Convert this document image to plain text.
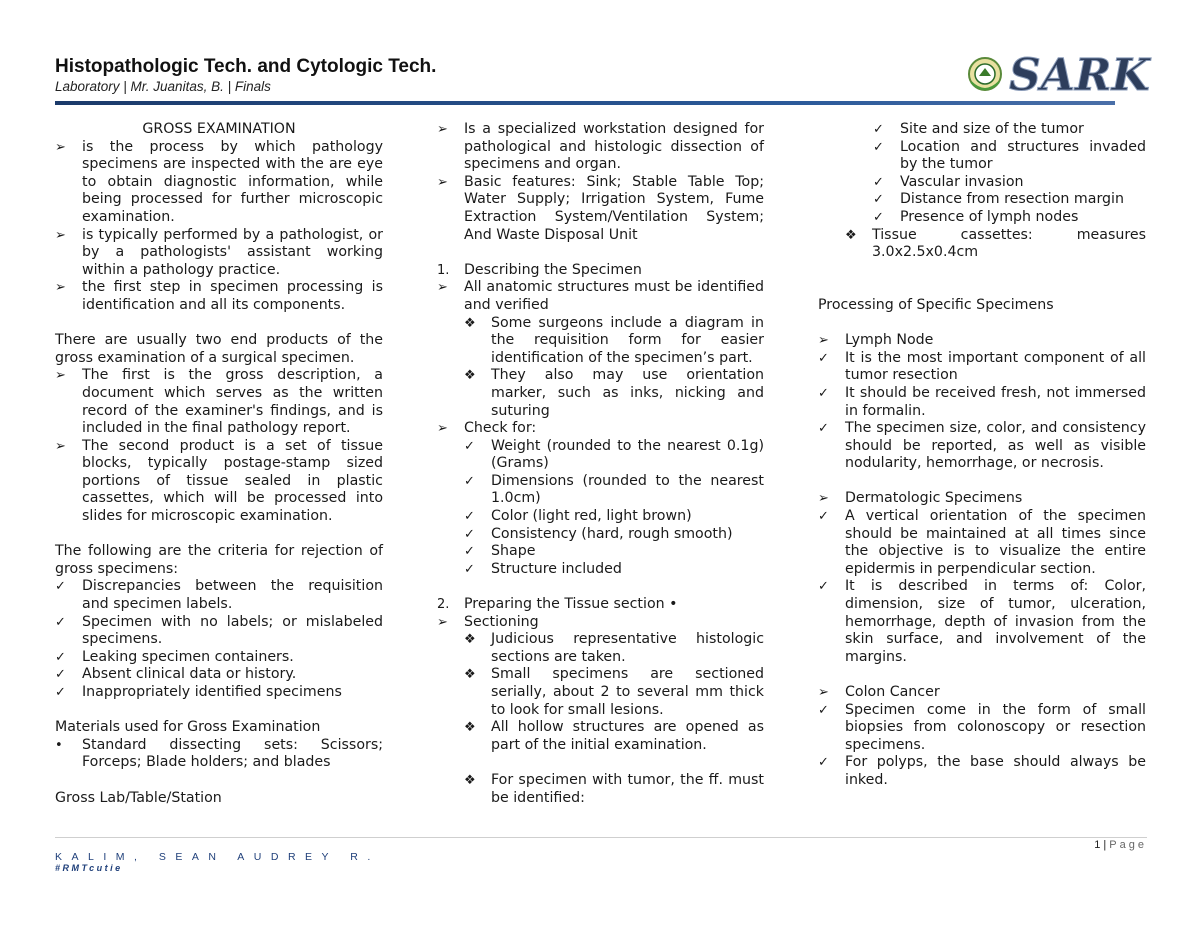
Histopathologic Tech. and Cytologic Tech.
Laboratory | Mr. Juanitas, B. | Finals	SARK

GROSS EXAMINATION

➢ is the process by which pathology specimens are inspected with the are eye to obtain diagnostic information, while being processed for further microscopic examination.

➢ is typically performed by a pathologist, or by a pathologists' assistant working within a pathology practice.

➢ the first step in specimen processing is identification and all its components.

There are usually two end products of the gross examination of a surgical specimen.

➢ The first is the gross description, a document which serves as the written record of the examiner's findings, and is included in the final pathology report.

➢ The second product is a set of tissue blocks, typically postage-stamp sized portions of tissue sealed in plastic cassettes, which will be processed into slides for microscopic examination.

The following are the criteria for rejection of gross specimens:

✓ Discrepancies between the requisition and specimen labels.

✓ Specimen with no labels; or mislabeled specimens.

✓ Leaking specimen containers.

✓ Absent clinical data or history.

✓ Inappropriately identified specimens

Materials used for Gross Examination

• Standard dissecting sets: Scissors; Forceps; Blade holders; and blades

Gross Lab/Table/Station

➢ Is a specialized workstation designed for pathological and histologic dissection of specimens and organ.

➢ Basic features: Sink; Stable Table Top; Water Supply; Irrigation System, Fume Extraction System/Ventilation System; And Waste Disposal Unit

1. Describing the Specimen

➢ All anatomic structures must be identified and verified

❖ Some surgeons include a diagram in the requisition form for easier identification of the specimen’s part.

❖ They also may use orientation marker, such as inks, nicking and suturing

➢ Check for:

✓ Weight (rounded to the nearest 0.1g) (Grams)

✓ Dimensions (rounded to the nearest 1.0cm)

✓ Color (light red, light brown)

✓ Consistency (hard, rough smooth)

✓ Shape

✓ Structure included

2. Preparing the Tissue section •

➢ Sectioning

❖ Judicious representative histologic sections are taken.

❖ Small specimens are sectioned serially, about 2 to several mm thick to look for small lesions.

❖ All hollow structures are opened as part of the initial examination.

❖ For specimen with tumor, the ff. must be identified:

✓ Site and size of the tumor

✓ Location and structures invaded by the tumor

✓ Vascular invasion

✓ Distance from resection margin

✓ Presence of lymph nodes

❖ Tissue cassettes: measures 3.0x2.5x0.4cm

Processing of Specific Specimens

➢ Lymph Node

✓ It is the most important component of all tumor resection

✓ It should be received fresh, not immersed in formalin.

✓ The specimen size, color, and consistency should be reported, as well as visible nodularity, hemorrhage, or necrosis.

➢ Dermatologic Specimens

✓ A vertical orientation of the specimen should be maintained at all times since the objective is to visualize the entire epidermis in perpendicular section.

✓ It is described in terms of: Color, dimension, size of tumor, ulceration, hemorrhage, depth of invasion from the skin surface, and involvement of the margins.

➢ Colon Cancer

✓ Specimen come in the form of small biopsies from colonoscopy or resection specimens.

✓ For polyps, the base should always be inked.

1 | Page
KALIM, SEAN AUDREY R.
#RMTcutie
